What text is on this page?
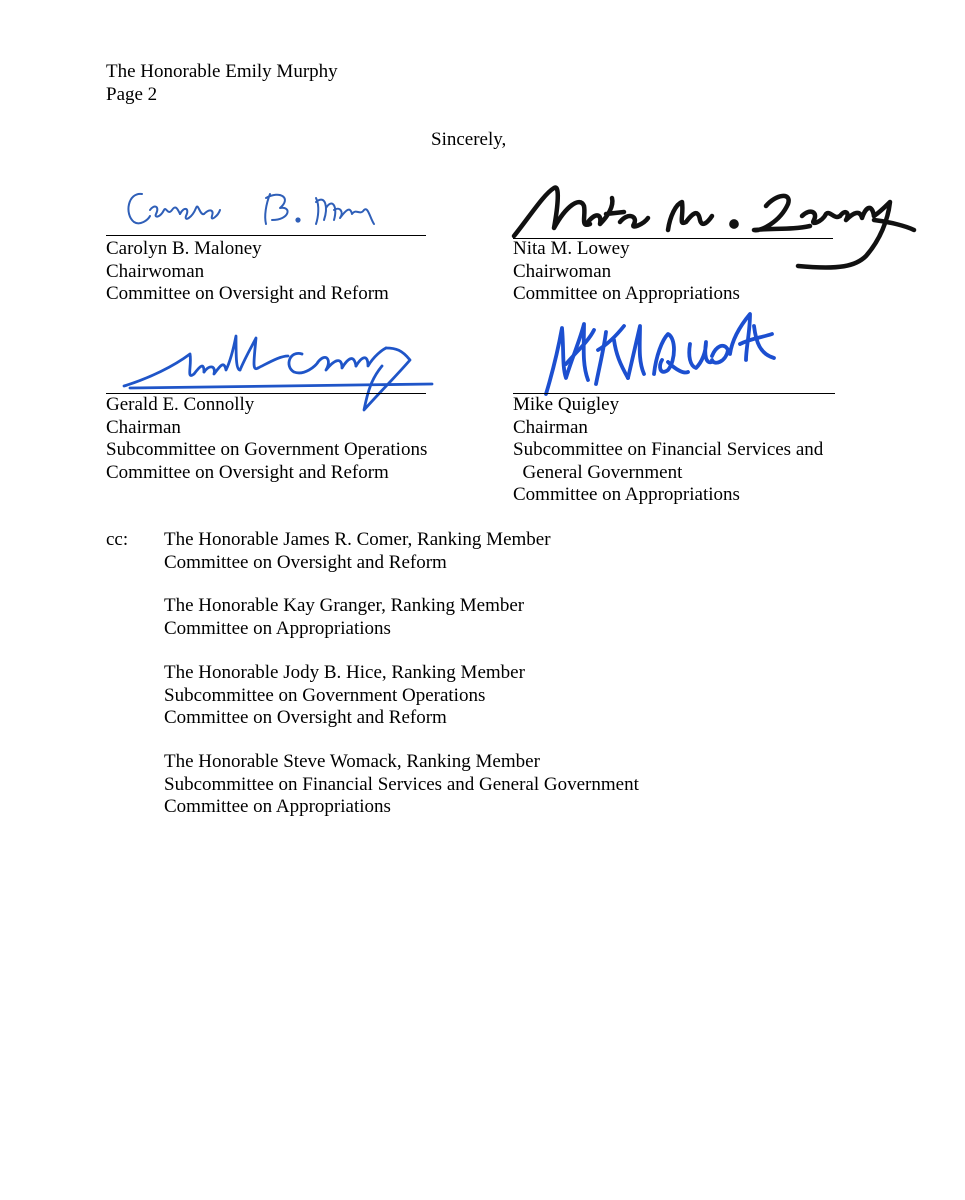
The Honorable Emily Murphy
Page 2
Sincerely,
Carolyn B. Maloney
Chairwoman
Committee on Oversight and Reform
Nita M. Lowey
Chairwoman
Committee on Appropriations
Gerald E. Connolly
Chairman
Subcommittee on Government Operations
Committee on Oversight and Reform
Mike Quigley
Chairman
Subcommittee on Financial Services and
General Government
Committee on Appropriations
cc: The Honorable James R. Comer, Ranking Member
Committee on Oversight and Reform
The Honorable Kay Granger, Ranking Member
Committee on Appropriations
The Honorable Jody B. Hice, Ranking Member
Subcommittee on Government Operations
Committee on Oversight and Reform
The Honorable Steve Womack, Ranking Member
Subcommittee on Financial Services and General Government
Committee on Appropriations
